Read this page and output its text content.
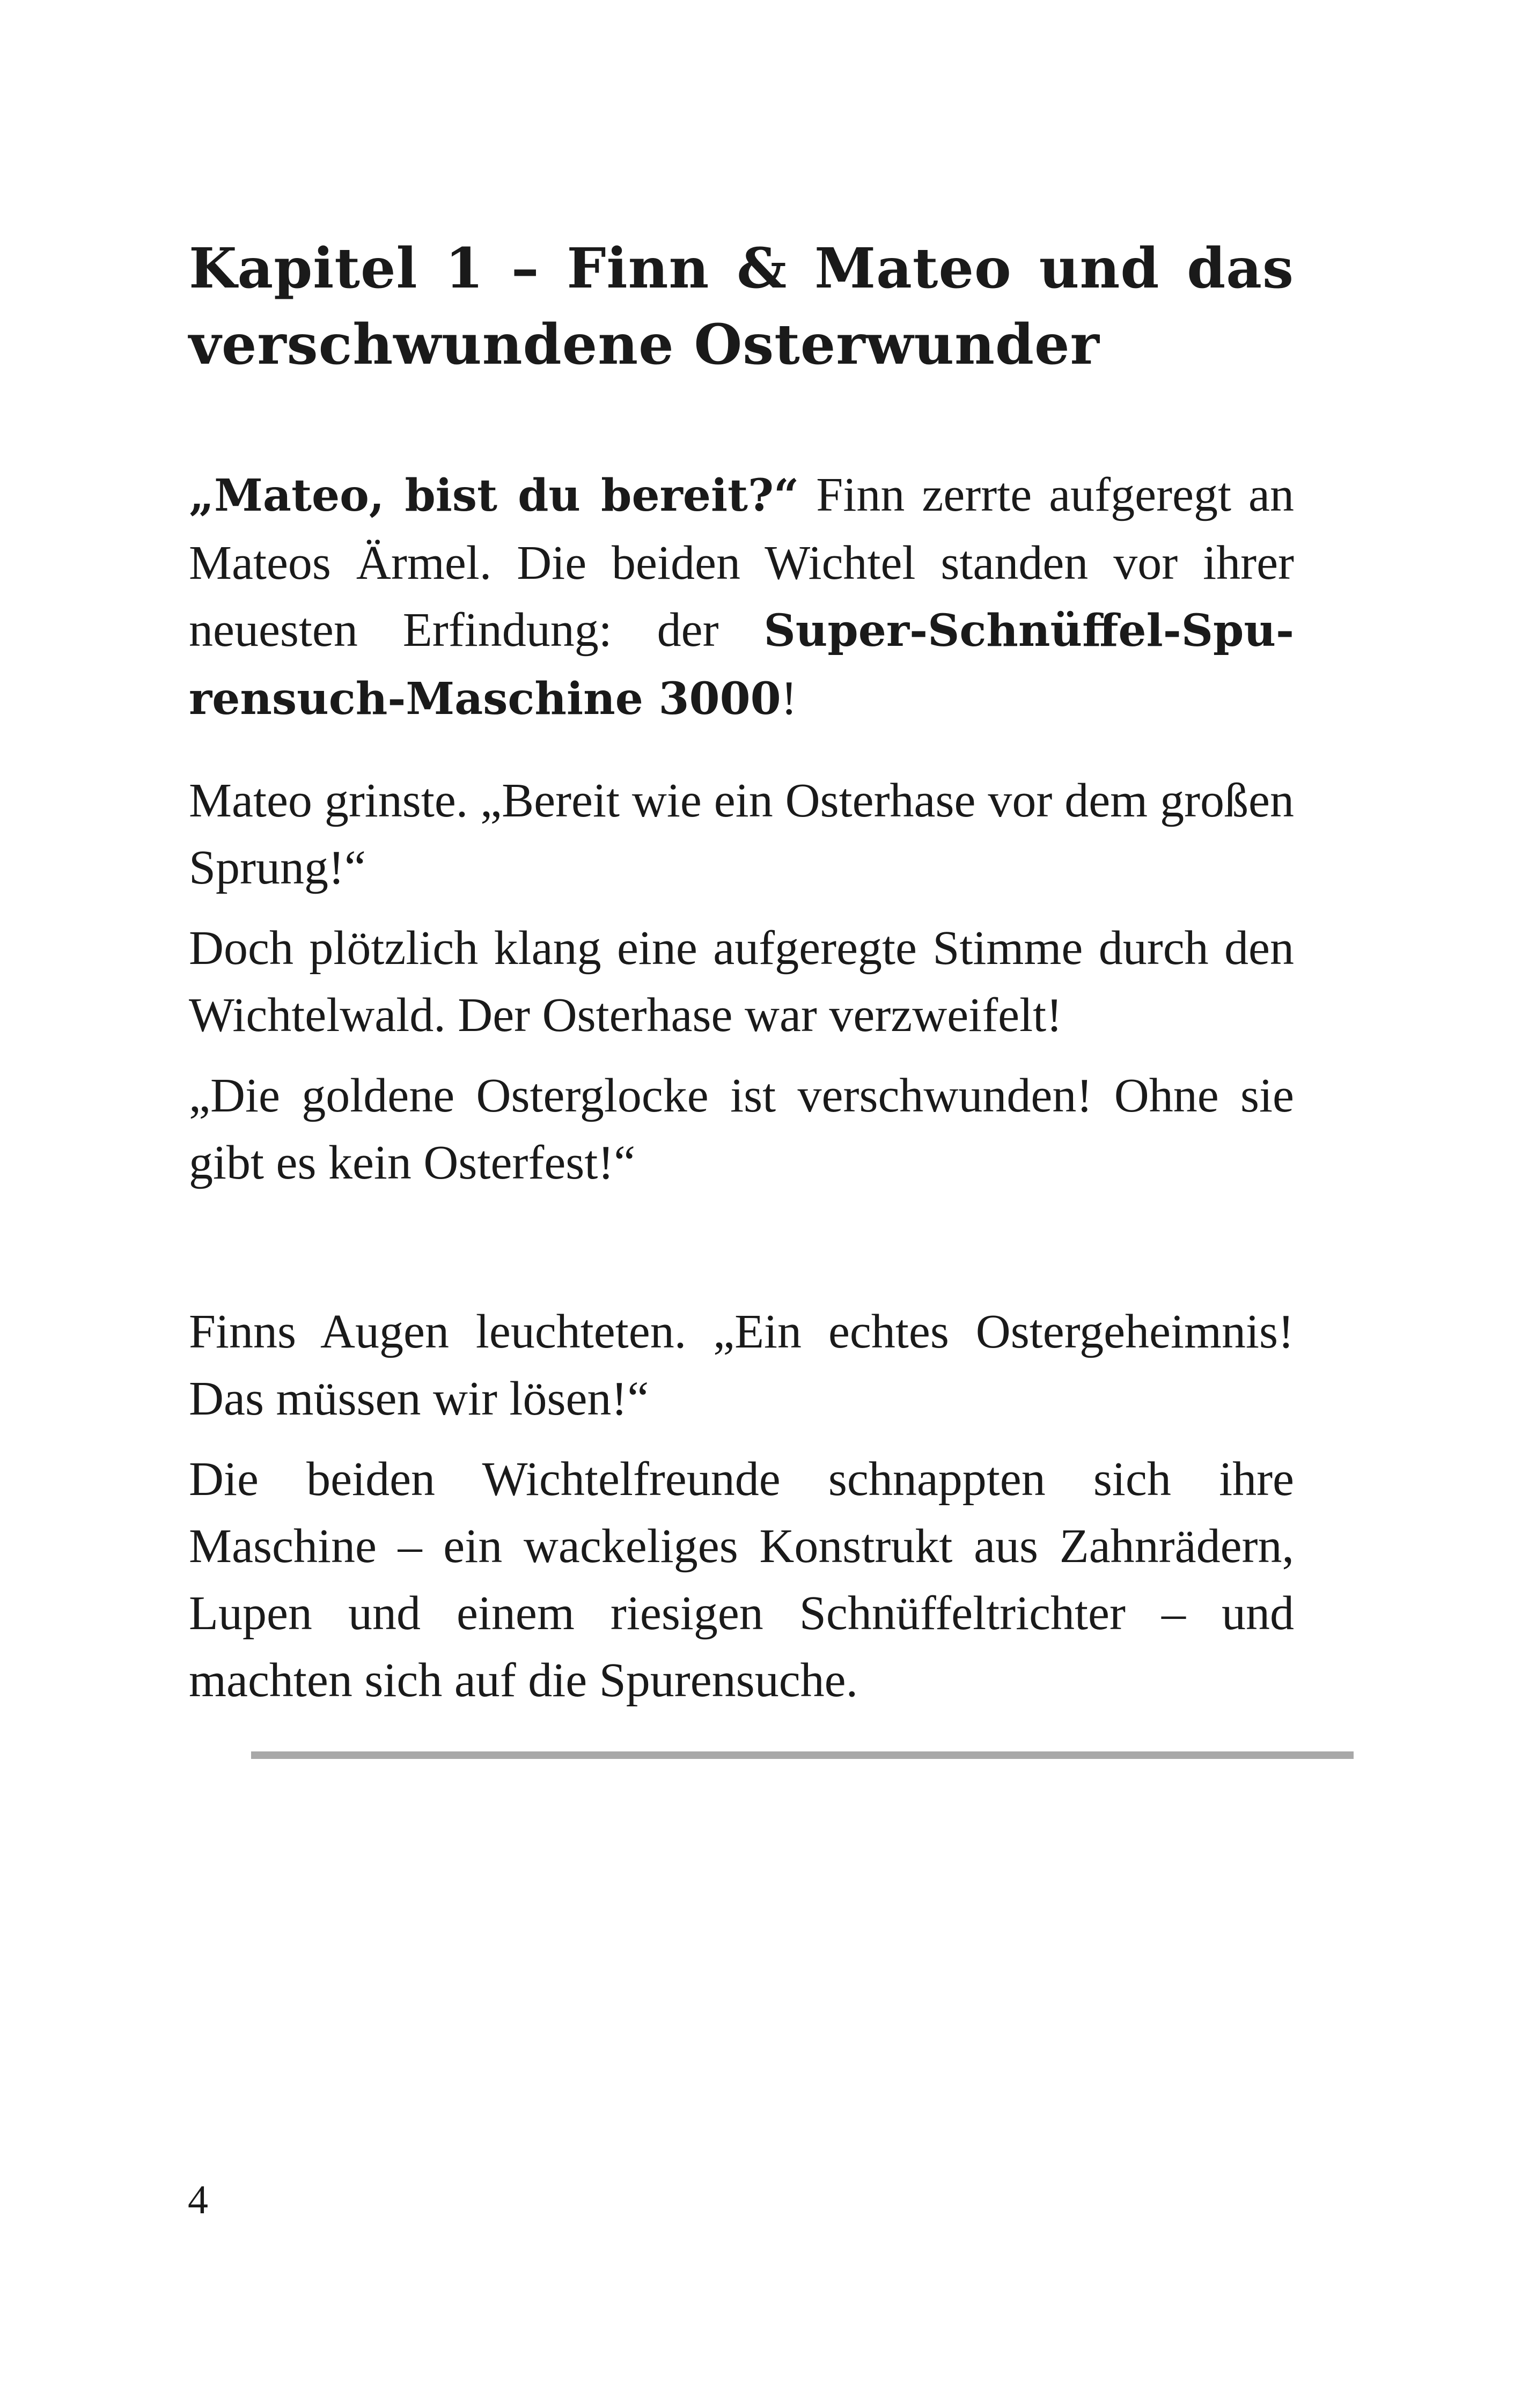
Kapitel 1 – Finn & Mateo und das verschwundene Osterwunder

„Mateo, bist du bereit?“ Finn zerrte aufgeregt an Mateos Ärmel. Die beiden Wichtel standen vor ihrer neuesten Erfindung: der Super-Schnüffel-Spurensuch-Maschine 3000!

Mateo grinste. „Bereit wie ein Osterhase vor dem großen Sprung!“

Doch plötzlich klang eine aufgeregte Stimme durch den Wichtelwald. Der Osterhase war verzweifelt!

„Die goldene Osterglocke ist verschwunden! Ohne sie gibt es kein Osterfest!“

Finns Augen leuchteten. „Ein echtes Ostergeheimnis! Das müssen wir lösen!“

Die beiden Wichtelfreunde schnappten sich ihre Maschine – ein wackeliges Konstrukt aus Zahnrädern, Lupen und einem riesigen Schnüffeltrichter – und machten sich auf die Spurensuche.

4
